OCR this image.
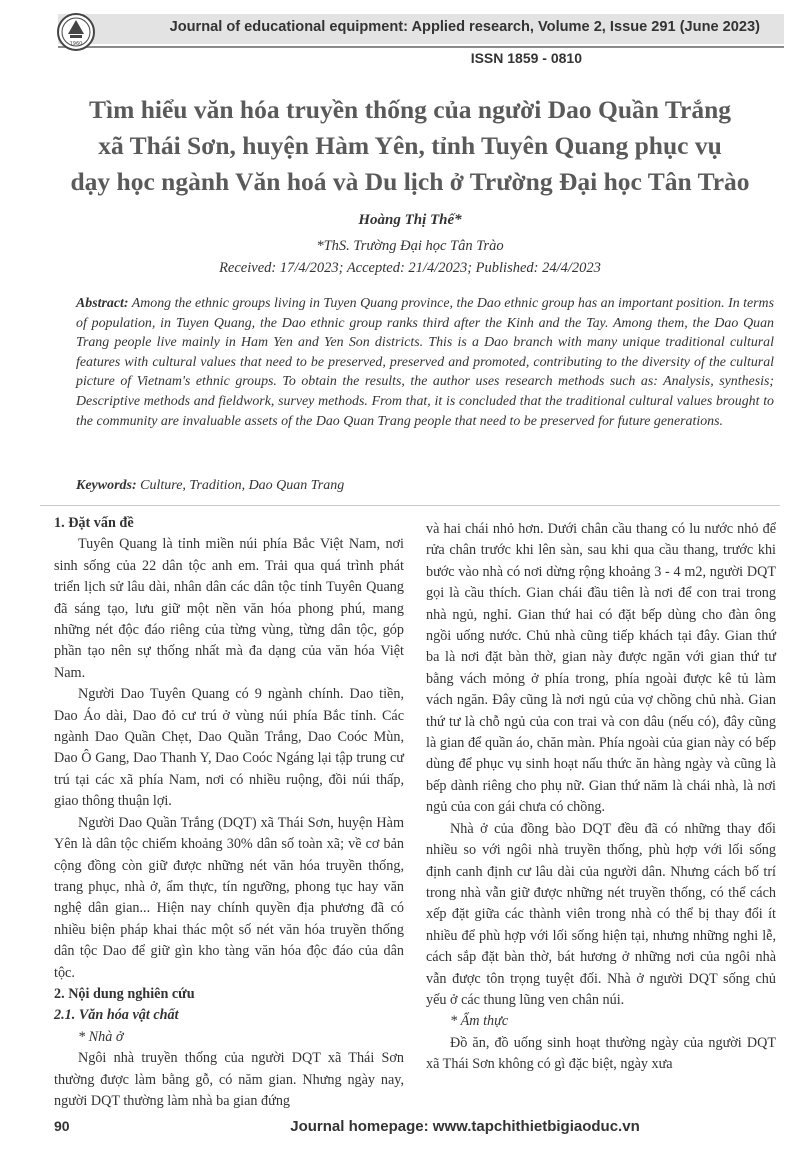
1960
Journal of educational equipment: Applied research, Volume 2, Issue 291 (June 2023)
ISSN 1859 - 0810
Tìm hiểu văn hóa truyền thống của người Dao Quần Trắng
xã Thái Sơn, huyện Hàm Yên, tỉnh Tuyên Quang phục vụ
dạy học ngành Văn hoá và Du lịch ở Trường Đại học Tân Trào
Hoàng Thị Thế*
*ThS. Trường Đại học Tân Trào
Received: 17/4/2023; Accepted: 21/4/2023; Published: 24/4/2023
Abstract: Among the ethnic groups living in Tuyen Quang province, the Dao ethnic group has an important position. In terms of population, in Tuyen Quang, the Dao ethnic group ranks third after the Kinh and the Tay. Among them, the Dao Quan Trang people live mainly in Ham Yen and Yen Son districts. This is a Dao branch with many unique traditional cultural features with cultural values that need to be preserved, preserved and promoted, contributing to the diversity of the cultural picture of Vietnam's ethnic groups. To obtain the results, the author uses research methods such as: Analysis, synthesis; Descriptive methods and fieldwork, survey methods. From that, it is concluded that the traditional cultural values brought to the community are invaluable assets of the Dao Quan Trang people that need to be preserved for future generations.
Keywords: Culture, Tradition, Dao Quan Trang

1. Đặt vấn đề

Tuyên Quang là tỉnh miền núi phía Bắc Việt Nam, nơi sinh sống của 22 dân tộc anh em. Trải qua quá trình phát triển lịch sử lâu dài, nhân dân các dân tộc tỉnh Tuyên Quang đã sáng tạo, lưu giữ một nền văn hóa phong phú, mang những nét độc đáo riêng của từng vùng, từng dân tộc, góp phần tạo nên sự thống nhất mà đa dạng của văn hóa Việt Nam.

Người Dao Tuyên Quang có 9 ngành chính. Dao tiền, Dao Áo dài, Dao đỏ cư trú ở vùng núi phía Bắc tỉnh. Các ngành Dao Quần Chẹt, Dao Quần Trắng, Dao Coóc Mùn, Dao Ô Gang, Dao Thanh Y, Dao Coóc Ngáng lại tập trung cư trú tại các xã phía Nam, nơi có nhiều ruộng, đồi núi thấp, giao thông thuận lợi.

Người Dao Quần Trắng (DQT) xã Thái Sơn, huyện Hàm Yên là dân tộc chiếm khoảng 30% dân số toàn xã; về cơ bản cộng đồng còn giữ được những nét văn hóa truyền thống, trang phục, nhà ở, ẩm thực, tín ngưỡng, phong tục hay văn nghệ dân gian... Hiện nay chính quyền địa phương đã có nhiều biện pháp khai thác một số nét văn hóa truyền thống dân tộc Dao để giữ gìn kho tàng văn hóa độc đáo của dân tộc.

2. Nội dung nghiên cứu

2.1. Văn hóa vật chất

* Nhà ở

Ngôi nhà truyền thống của người DQT xã Thái Sơn thường được làm bằng gỗ, có năm gian. Nhưng ngày nay, người DQT thường làm nhà ba gian đứng

và hai chái nhỏ hơn. Dưới chân cầu thang có lu nước nhỏ để rửa chân trước khi lên sàn, sau khi qua cầu thang, trước khi bước vào nhà có nơi dừng rộng khoảng 3 - 4 m2, người DQT gọi là cầu thích. Gian chái đầu tiên là nơi để con trai trong nhà ngủ, nghỉ. Gian thứ hai có đặt bếp dùng cho đàn ông ngồi uống nước. Chủ nhà cũng tiếp khách tại đây. Gian thứ ba là nơi đặt bàn thờ, gian này được ngăn với gian thứ tư bằng vách mỏng ở phía trong, phía ngoài được kê tủ làm vách ngăn. Đây cũng là nơi ngủ của vợ chồng chủ nhà. Gian thứ tư là chỗ ngủ của con trai và con dâu (nếu có), đây cũng là gian để quần áo, chăn màn. Phía ngoài của gian này có bếp dùng để phục vụ sinh hoạt nấu thức ăn hàng ngày và cũng là bếp dành riêng cho phụ nữ. Gian thứ năm là chái nhà, là nơi ngủ của con gái chưa có chồng.

Nhà ở của đồng bào DQT đều đã có những thay đổi nhiều so với ngôi nhà truyền thống, phù hợp với lối sống định canh định cư lâu dài của người dân. Nhưng cách bố trí trong nhà vẫn giữ được những nét truyền thống, có thể cách xếp đặt giữa các thành viên trong nhà có thể bị thay đổi ít nhiều để phù hợp với lối sống hiện tại, nhưng những nghi lễ, cách sắp đặt bàn thờ, bát hương ở những nơi của ngôi nhà vẫn được tôn trọng tuyệt đối. Nhà ở người DQT sống chủ yếu ở các thung lũng ven chân núi.

* Ẩm thực

Đồ ăn, đồ uống sinh hoạt thường ngày của người DQT xã Thái Sơn không có gì đặc biệt, ngày xưa

90	Journal homepage: www.tapchithietbigiaoduc.vn
